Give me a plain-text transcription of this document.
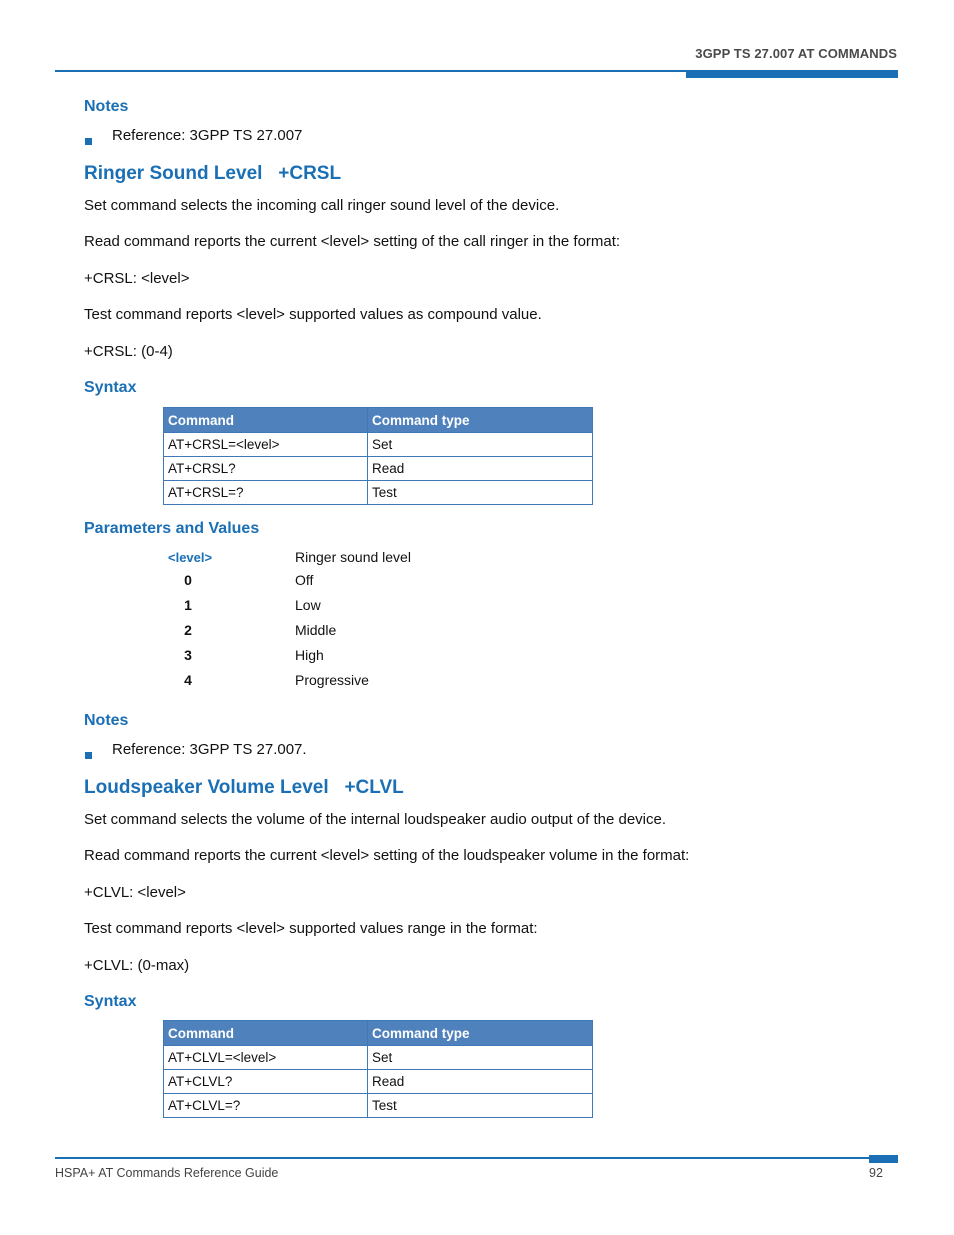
3GPP TS 27.007 AT COMMANDS
Notes
Reference: 3GPP TS 27.007
Ringer Sound Level   +CRSL
Set command selects the incoming call ringer sound level of the device.
Read command reports the current <level> setting of the call ringer in the format:
+CRSL: <level>
Test command reports <level> supported values as compound value.
+CRSL: (0-4)
Syntax
Command	Command type
AT+CRSL=<level>	Set
AT+CRSL?	Read
AT+CRSL=?	Test
Parameters and Values
<level>	Ringer sound level
0	Off
1	Low
2	Middle
3	High
4	Progressive
Notes
Reference: 3GPP TS 27.007.
Loudspeaker Volume Level   +CLVL
Set command selects the volume of the internal loudspeaker audio output of the device.
Read command reports the current <level> setting of the loudspeaker volume in the format:
+CLVL: <level>
Test command reports <level> supported values range in the format:
+CLVL: (0-max)
Syntax
Command	Command type
AT+CLVL=<level>	Set
AT+CLVL?	Read
AT+CLVL=?	Test
HSPA+ AT Commands Reference Guide	92
